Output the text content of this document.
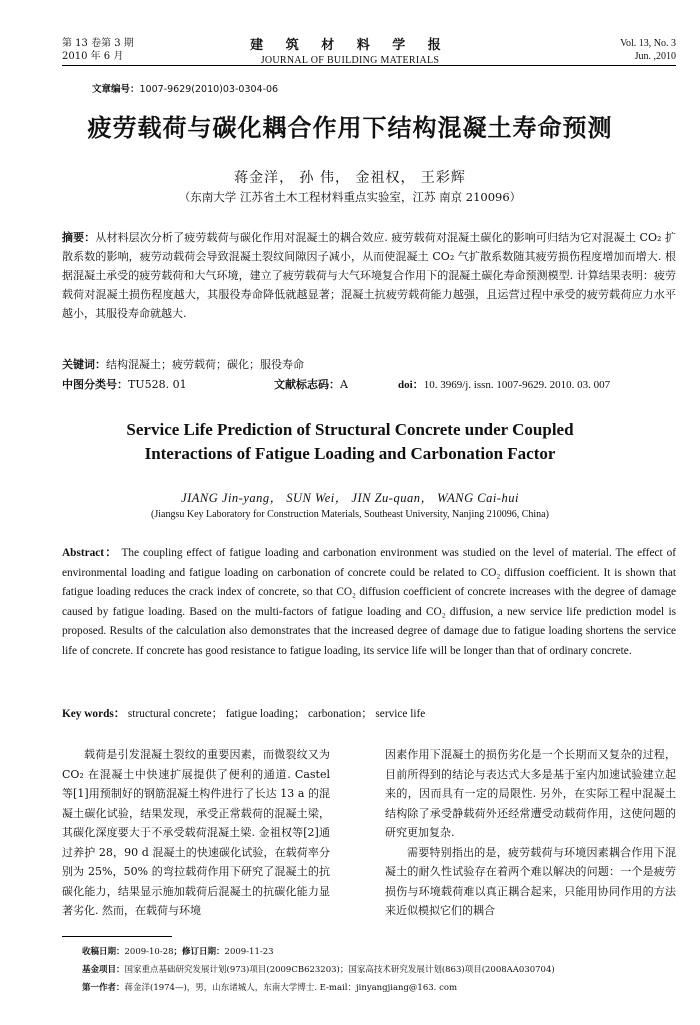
第 13 卷第 3 期
2010 年 6 月
建 筑 材 料 学 报
JOURNAL OF BUILDING MATERIALS
Vol. 13, No. 3
Jun. ,2010
文章编号：1007-9629(2010)03-0304-06
疲劳载荷与碳化耦合作用下结构混凝土寿命预测
蒋金洋， 孙 伟， 金祖权， 王彩辉
（东南大学 江苏省土木工程材料重点实验室，江苏 南京 210096）
摘要：从材料层次分析了疲劳载荷与碳化作用对混凝土的耦合效应. 疲劳载荷对混凝土碳化的影响可归结为它对混凝土 CO₂ 扩散系数的影响，疲劳动载荷会导致混凝土裂纹间隙因子减小，从而使混凝土 CO₂ 气扩散系数随其疲劳损伤程度增加而增大. 根据混凝土承受的疲劳载荷和大气环境，建立了疲劳载荷与大气环境复合作用下的混凝土碳化寿命预测模型. 计算结果表明：疲劳载荷对混凝土损伤程度越大，其服役寿命降低就越显著；混凝土抗疲劳载荷能力越强，且运营过程中承受的疲劳载荷应力水平越小，其服役寿命就越大.
关键词：结构混凝土；疲劳载荷；碳化；服役寿命
中图分类号：TU528. 01	文献标志码：A	doi：10. 3969/j. issn. 1007-9629. 2010. 03. 007
Service Life Prediction of Structural Concrete under Coupled
Interactions of Fatigue Loading and Carbonation Factor
JIANG Jin-yang， SUN Wei， JIN Zu-quan， WANG Cai-hui
(Jiangsu Key Laboratory for Construction Materials, Southeast University, Nanjing 210096, China)
Abstract： The coupling effect of fatigue loading and carbonation environment was studied on the level of material. The effect of environmental loading and fatigue loading on carbonation of concrete could be related to CO₂ diffusion coefficient. It is shown that fatigue loading reduces the crack index of concrete, so that CO₂ diffusion coefficient of concrete increases with the degree of damage caused by fatigue loading. Based on the multi-factors of fatigue loading and CO₂ diffusion, a new service life prediction model is proposed. Results of the calculation also demonstrates that the increased degree of damage due to fatigue loading shortens the service life of concrete. If concrete has good resistance to fatigue loading, its service life will be longer than that of ordinary concrete.
Key words： structural concrete； fatigue loading； carbonation； service life

载荷是引发混凝土裂纹的重要因素，而微裂纹又为 CO₂ 在混凝土中快速扩展提供了便利的通道. Castel 等[1]用预制好的钢筋混凝土构件进行了长达 13 a 的混凝土碳化试验，结果发现，承受正常载荷的混凝土梁，其碳化深度要大于不承受载荷混凝土梁. 金祖权等[2]通过养护 28，90 d 混凝土的快速碳化试验，在载荷率分别为 25%，50% 的弯拉载荷作用下研究了混凝土的抗碳化能力，结果显示施加载荷后混凝土的抗碳化能力显著劣化. 然而，在载荷与环境

因素作用下混凝土的损伤劣化是一个长期而又复杂的过程，目前所得到的结论与表达式大多是基于室内加速试验建立起来的，因而具有一定的局限性. 另外，在实际工程中混凝土结构除了承受静载荷外还经常遭受动载荷作用，这使问题的研究更加复杂.

需要特别指出的是，疲劳载荷与环境因素耦合作用下混凝土的耐久性试验存在着两个难以解决的问题：一个是疲劳损伤与环境载荷难以真正耦合起来，只能用协同作用的方法来近似模拟它们的耦合

收稿日期：2009-10-28；修订日期：2009-11-23
基金项目：国家重点基础研究发展计划(973)项目(2009CB623203)；国家高技术研究发展计划(863)项目(2008AA030704)
第一作者：蒋金洋(1974—)，男，山东诸城人，东南大学博士. E-mail：jinyangjiang@163. com
